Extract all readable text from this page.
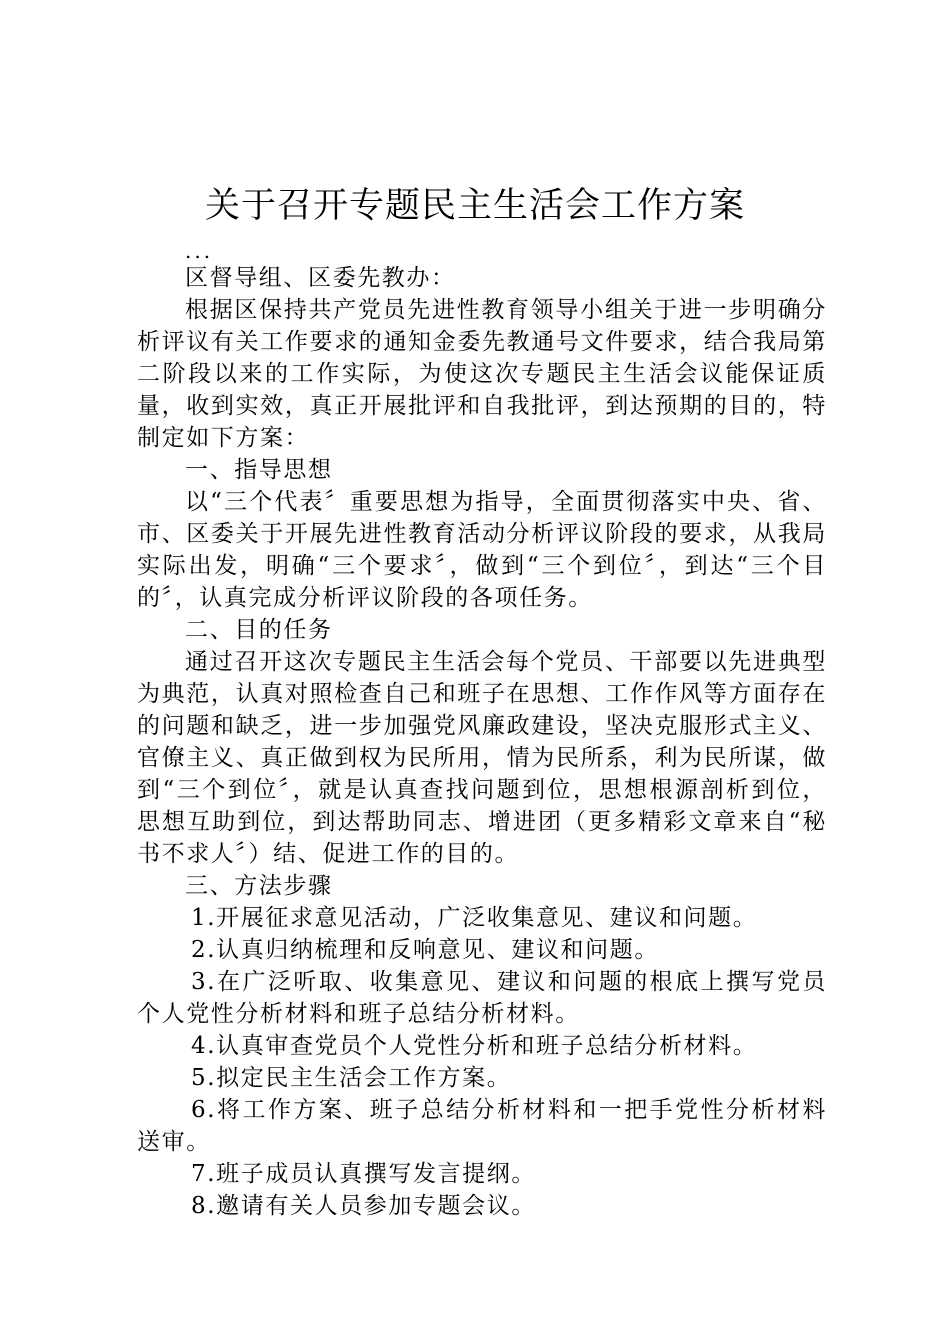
关于召开专题民主生活会工作方案

...

区督导组、区委先教办：

根据区保持共产党员先进性教育领导小组关于进一步明确分析评议有关工作要求的通知金委先教通号文件要求，结合我局第二阶段以来的工作实际，为使这次专题民主生活会议能保证质量，收到实效，真正开展批评和自我批评，到达预期的目的，特制定如下方案：

一、指导思想

以“三个代表〞重要思想为指导，全面贯彻落实中央、省、市、区委关于开展先进性教育活动分析评议阶段的要求，从我局实际出发，明确“三个要求〞，做到“三个到位〞，到达“三个目的〞，认真完成分析评议阶段的各项任务。

二、目的任务

通过召开这次专题民主生活会每个党员、干部要以先进典型为典范，认真对照检查自己和班子在思想、工作作风等方面存在的问题和缺乏，进一步加强党风廉政建设，坚决克服形式主义、官僚主义、真正做到权为民所用，情为民所系，利为民所谋，做到“三个到位〞，就是认真查找问题到位，思想根源剖析到位，思想互助到位，到达帮助同志、增进团（更多精彩文章来自“秘书不求人〞）结、促进工作的目的。

三、方法步骤

1.开展征求意见活动，广泛收集意见、建议和问题。

2.认真归纳梳理和反响意见、建议和问题。

3.在广泛听取、收集意见、建议和问题的根底上撰写党员个人党性分析材料和班子总结分析材料。

4.认真审查党员个人党性分析和班子总结分析材料。

5.拟定民主生活会工作方案。

6.将工作方案、班子总结分析材料和一把手党性分析材料送审。

7.班子成员认真撰写发言提纲。

8.邀请有关人员参加专题会议。
